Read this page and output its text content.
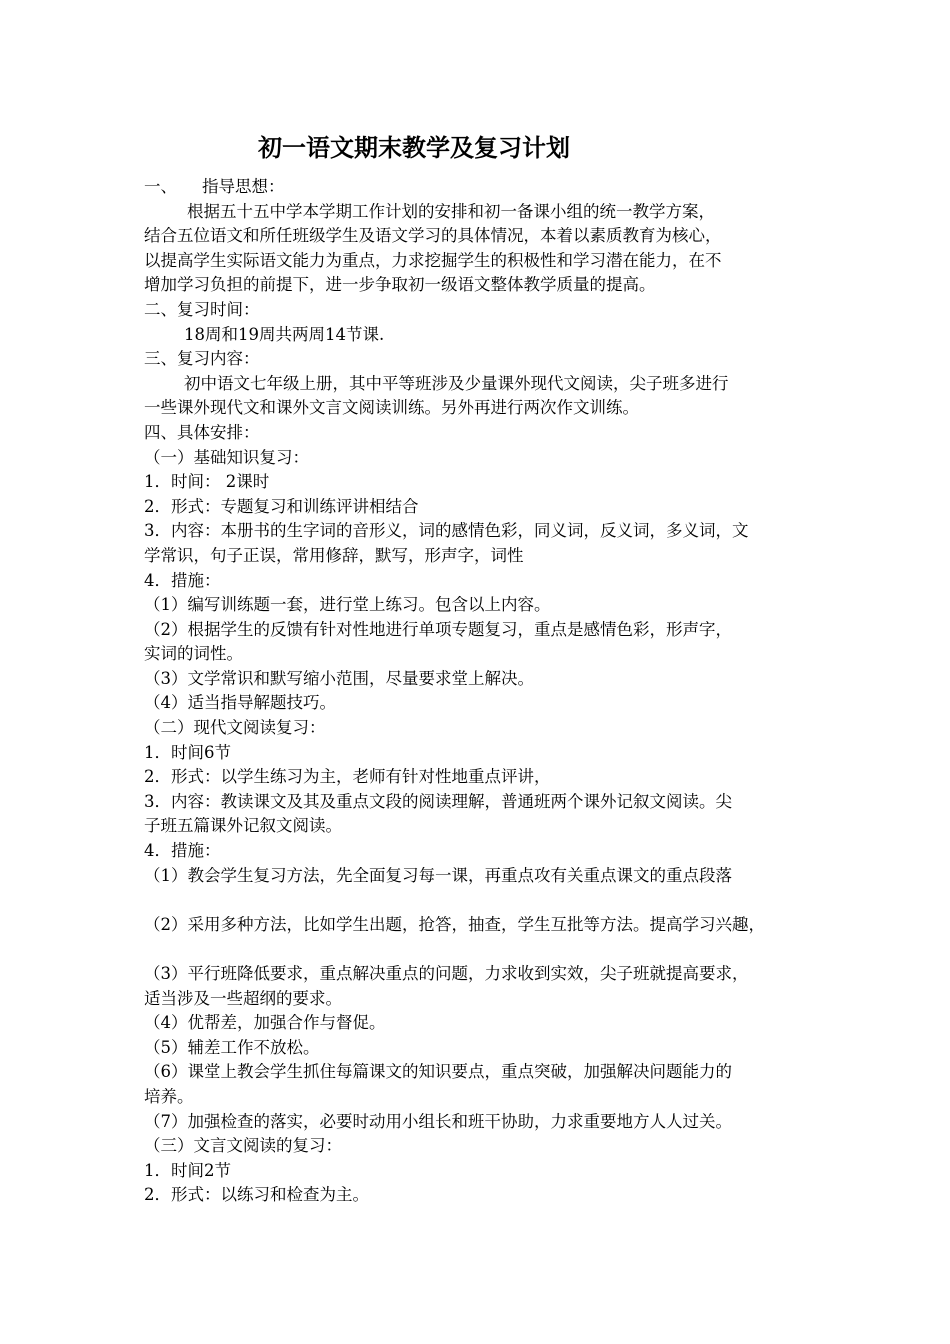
初一语文期末教学及复习计划
一、 指导思想：
根据五十五中学本学期工作计划的安排和初一备课小组的统一教学方案，
结合五位语文和所任班级学生及语文学习的具体情况，本着以素质教育为核心，
以提高学生实际语文能力为重点，力求挖掘学生的积极性和学习潜在能力，在不
增加学习负担的前提下，进一步争取初一级语文整体教学质量的提高。
二、复习时间：
18周和19周共两周14节课.
三、复习内容：
初中语文七年级上册，其中平等班涉及少量课外现代文阅读，尖子班多进行
一些课外现代文和课外文言文阅读训练。另外再进行两次作文训练。
四、具体安排：
（一）基础知识复习：
1．时间： 2课时
2．形式：专题复习和训练评讲相结合
3．内容：本册书的生字词的音形义，词的感情色彩，同义词，反义词，多义词，文
学常识，句子正误，常用修辞，默写，形声字，词性
4．措施：
（1）编写训练题一套，进行堂上练习。包含以上内容。
（2）根据学生的反馈有针对性地进行单项专题复习，重点是感情色彩，形声字，
实词的词性。
（3）文学常识和默写缩小范围，尽量要求堂上解决。
（4）适当指导解题技巧。
（二）现代文阅读复习：
1．时间6节
2．形式：以学生练习为主，老师有针对性地重点评讲，
3．内容：教读课文及其及重点文段的阅读理解，普通班两个课外记叙文阅读。尖
子班五篇课外记叙文阅读。
4．措施：
（1）教会学生复习方法，先全面复习每一课，再重点攻有关重点课文的重点段落
（2）采用多种方法，比如学生出题，抢答，抽查，学生互批等方法。提高学习兴趣，
（3）平行班降低要求，重点解决重点的问题，力求收到实效，尖子班就提高要求，
适当涉及一些超纲的要求。
（4）优帮差，加强合作与督促。
（5）辅差工作不放松。
（6）课堂上教会学生抓住每篇课文的知识要点，重点突破，加强解决问题能力的
培养。
（7）加强检查的落实，必要时动用小组长和班干协助，力求重要地方人人过关。
（三）文言文阅读的复习：
1．时间2节
2．形式：以练习和检查为主。
